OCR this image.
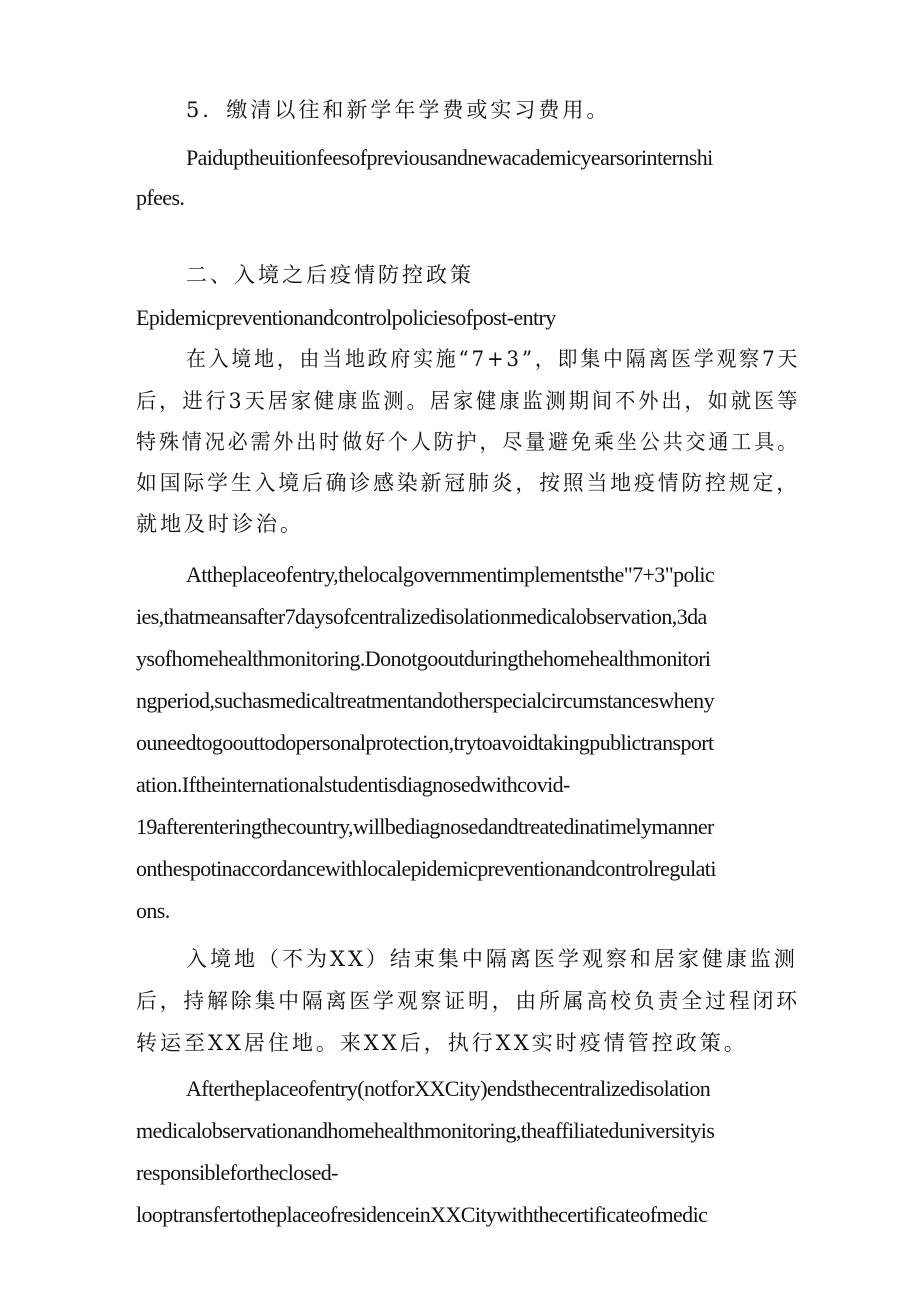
5．缴清以往和新学年学费或实习费用。
Paiduptheuitionfeesofpreviousandnewacademicyearsorinternshi
pfees.
二、入境之后疫情防控政策
Epidemicpreventionandcontrolpoliciesofpost-entry
在入境地，由当地政府实施“7+3”，即集中隔离医学观察7天
后，进行3天居家健康监测。居家健康监测期间不外出，如就医等
特殊情况必需外出时做好个人防护，尽量避免乘坐公共交通工具。
如国际学生入境后确诊感染新冠肺炎，按照当地疫情防控规定，
就地及时诊治。
Attheplaceofentry,thelocalgovernmentimplementsthe"7+3"polic
ies,thatmeansafter7daysofcentralizedisolationmedicalobservation,3da
ysofhomehealthmonitoring.Donotgooutduringthehomehealthmonitori
ngperiod,suchasmedicaltreatmentandotherspecialcircumstanceswheny
ouneedtogoouttodopersonalprotection,trytoavoidtakingpublictransport
ation.Iftheinternationalstudentisdiagnosedwithcovid-
19afterenteringthecountry,willbediagnosedandtreatedinatimelymanner
onthespotinaccordancewithlocalepidemicpreventionandcontrolregulati
ons.
入境地（不为XX）结束集中隔离医学观察和居家健康监测
后，持解除集中隔离医学观察证明，由所属高校负责全过程闭环
转运至XX居住地。来XX后，执行XX实时疫情管控政策。
Aftertheplaceofentry(notforXXCity)endsthecentralizedisolation
medicalobservationandhomehealthmonitoring,theaffiliateduniversityis
responsiblefortheclosed-
looptransfertotheplaceofresidenceinXXCitywiththecertificateofmedic
